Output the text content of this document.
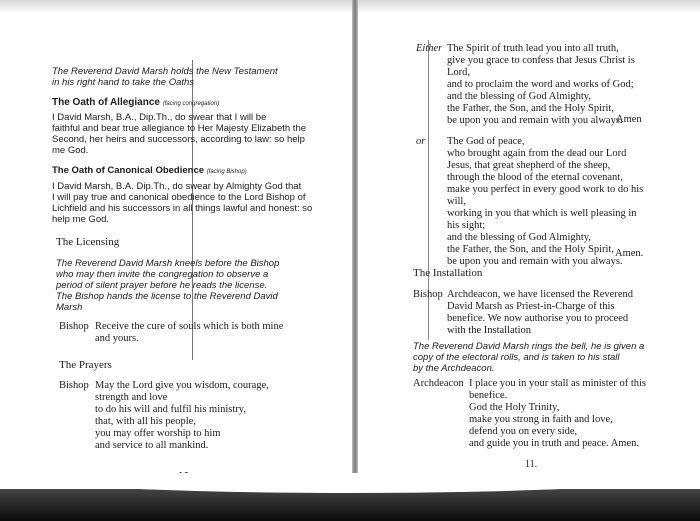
The Reverend David Marsh holds the New Testament
in his right hand to take the Oaths
The Oath of Allegiance (facing congregation)
I David Marsh, B.A., Dip.Th., do swear that I will be
faithful and bear true allegiance to Her Majesty Elizabeth the
Second, her heirs and successors, according to law: so help
me God.
The Oath of Canonical Obedience (facing Bishop)
I David Marsh, B.A. Dip.Th., do swear by Almighty God that
I will pay true and canonical obedience to the Lord Bishop of
Lichfield and his successors in all things lawful and honest: so
help me God.
The Licensing
The Reverend David Marsh kneels before the Bishop
who may then invite the congregation to observe a
period of silent prayer before he reads the license.
The Bishop hands the license to the Reverend David
Marsh
Bishop Receive the cure of souls which is both mine
and yours.
The Prayers
Bishop May the Lord give you wisdom, courage,
strength and love
to do his will and fulfil his ministry,
that, with all his people,
you may offer worship to him
and service to all mankind.
Either The Spirit of truth lead you into all truth,
give you grace to confess that Jesus Christ is
Lord,
and to proclaim the word and works of God;
and the blessing of God Almighty,
the Father, the Son, and the Holy Spirit,
be upon you and remain with you always.
Amen
or The God of peace,
who brought again from the dead our Lord
Jesus, that great shepherd of the sheep,
through the blood of the eternal covenant,
make you perfect in every good work to do his
will,
working in you that which is well pleasing in
his sight;
and the blessing of God Almighty,
the Father, the Son, and the Holy Spirit,
be upon you and remain with you always.
Amen.
The Installation
Bishop Archdeacon, we have licensed the Reverend
David Marsh as Priest-in-Charge of this
benefice. We now authorise you to proceed
with the Installation
The Reverend David Marsh rings the bell, he is given a
copy of the electoral rolls, and is taken to his stall
by the Archdeacon.
Archdeacon I place you in your stall as minister of this
benefice.
God the Holy Trinity,
make you strong in faith and love,
defend you on every side,
and guide you in truth and peace. Amen.
11.
